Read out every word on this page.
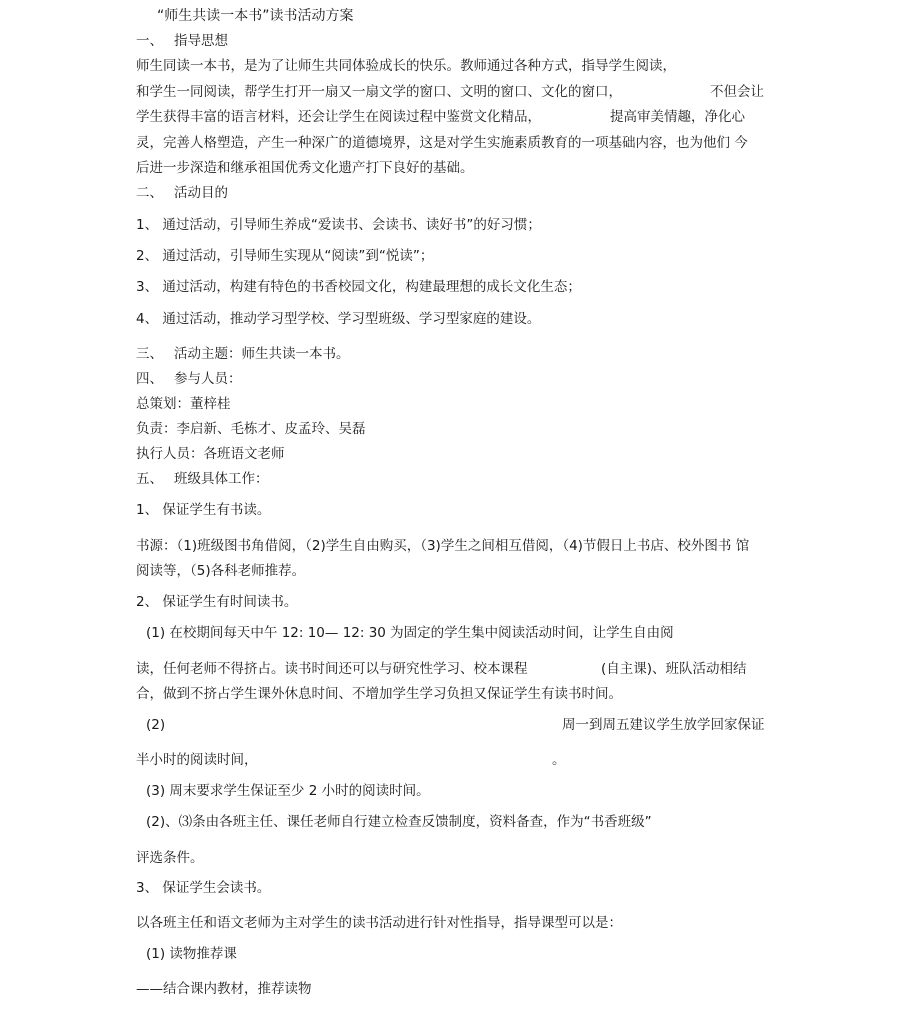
“师生共读一本书”读书活动方案
一、 指导思想
师生同读一本书，是为了让师生共同体验成长的快乐。教师通过各种方式，指导学生阅读，
和学生一同阅读，帮学生打开一扇又一扇文学的窗口、文明的窗口、文化的窗口，	不但会让
学生获得丰富的语言材料，还会让学生在阅读过程中鉴赏文化精品，	提高审美情趣，净化心
灵，完善人格塑造，产生一种深广的道德境界，这是对学生实施素质教育的一项基础内容，也为他们 今
后进一步深造和继承祖国优秀文化遗产打下良好的基础。
二、 活动目的
1、 通过活动，引导师生养成“爱读书、会读书、读好书”的好习惯；
2、 通过活动，引导师生实现从“阅读”到“悦读”；
3、 通过活动，构建有特色的书香校园文化，构建最理想的成长文化生态；
4、 通过活动，推动学习型学校、学习型班级、学习型家庭的建设。
三、 活动主题：师生共读一本书。
四、 参与人员：
总策划：董梓桂
负责：李启新、毛栋才、皮孟玲、吴磊
执行人员：各班语文老师
五、 班级具体工作：
1、 保证学生有书读。
书源：（1)班级图书角借阅，（2)学生自由购买，（3)学生之间相互借阅，（4)节假日上书店、校外图书 馆
阅读等，（5)各科老师推荐。
2、 保证学生有时间读书。
(1) 在校期间每天中午 12: 10— 12: 30 为固定的学生集中阅读活动时间，让学生自由阅
读，任何老师不得挤占。读书时间还可以与研究性学习、校本课程	(自主课)、班队活动相结
合，做到不挤占学生课外休息时间、不增加学生学习负担又保证学生有读书时间。
(2)	周一到周五建议学生放学回家保证
半小时的阅读时间，	。
(3) 周末要求学生保证至少 2 小时的阅读时间。
(2)、⑶条由各班主任、课任老师自行建立检查反馈制度，资料备查，作为“书香班级”
评选条件。
3、 保证学生会读书。
以各班主任和语文老师为主对学生的读书活动进行针对性指导，指导课型可以是：
(1) 读物推荐课
——结合课内教材，推荐读物
